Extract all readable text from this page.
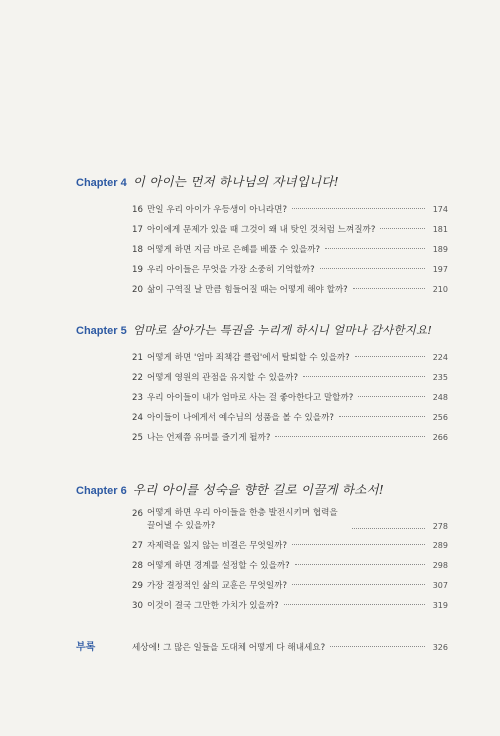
Chapter 4 이 아이는 먼저 하나님의 자녀입니다!
16 만일 우리 아이가 우등생이 아니라면?	174
17 아이에게 문제가 있을 때 그것이 왜 내 탓인 것처럼 느껴질까?	181
18 어떻게 하면 지금 바로 은혜를 베풀 수 있을까?	189
19 우리 아이들은 무엇을 가장 소중히 기억할까?	197
20 삶이 구역질 날 만큼 힘들어질 때는 어떻게 해야 할까?	210
Chapter 5 엄마로 살아가는 특권을 누리게 하시니 얼마나 감사한지요!
21 어떻게 하면 '엄마 죄책감 클럽'에서 탈퇴할 수 있을까?	224
22 어떻게 영원의 관점을 유지할 수 있을까?	235
23 우리 아이들이 내가 엄마로 사는 걸 좋아한다고 말할까?	248
24 아이들이 나에게서 예수님의 성품을 볼 수 있을까?	256
25 나는 언제쯤 유머를 즐기게 될까?	266
Chapter 6 우리 아이를 성숙을 향한 길로 이끌게 하소서!
26 어떻게 하면 우리 아이들을 한층 발전시키며 협력을 끌어낼 수 있을까?	278
27 자제력을 잃지 않는 비결은 무엇일까?	289
28 어떻게 하면 경계를 설정할 수 있을까?	298
29 가장 결정적인 삶의 교훈은 무엇일까?	307
30 이것이 결국 그만한 가치가 있을까?	319
부록	세상에! 그 많은 일들을 도대체 어떻게 다 해내세요?	326
